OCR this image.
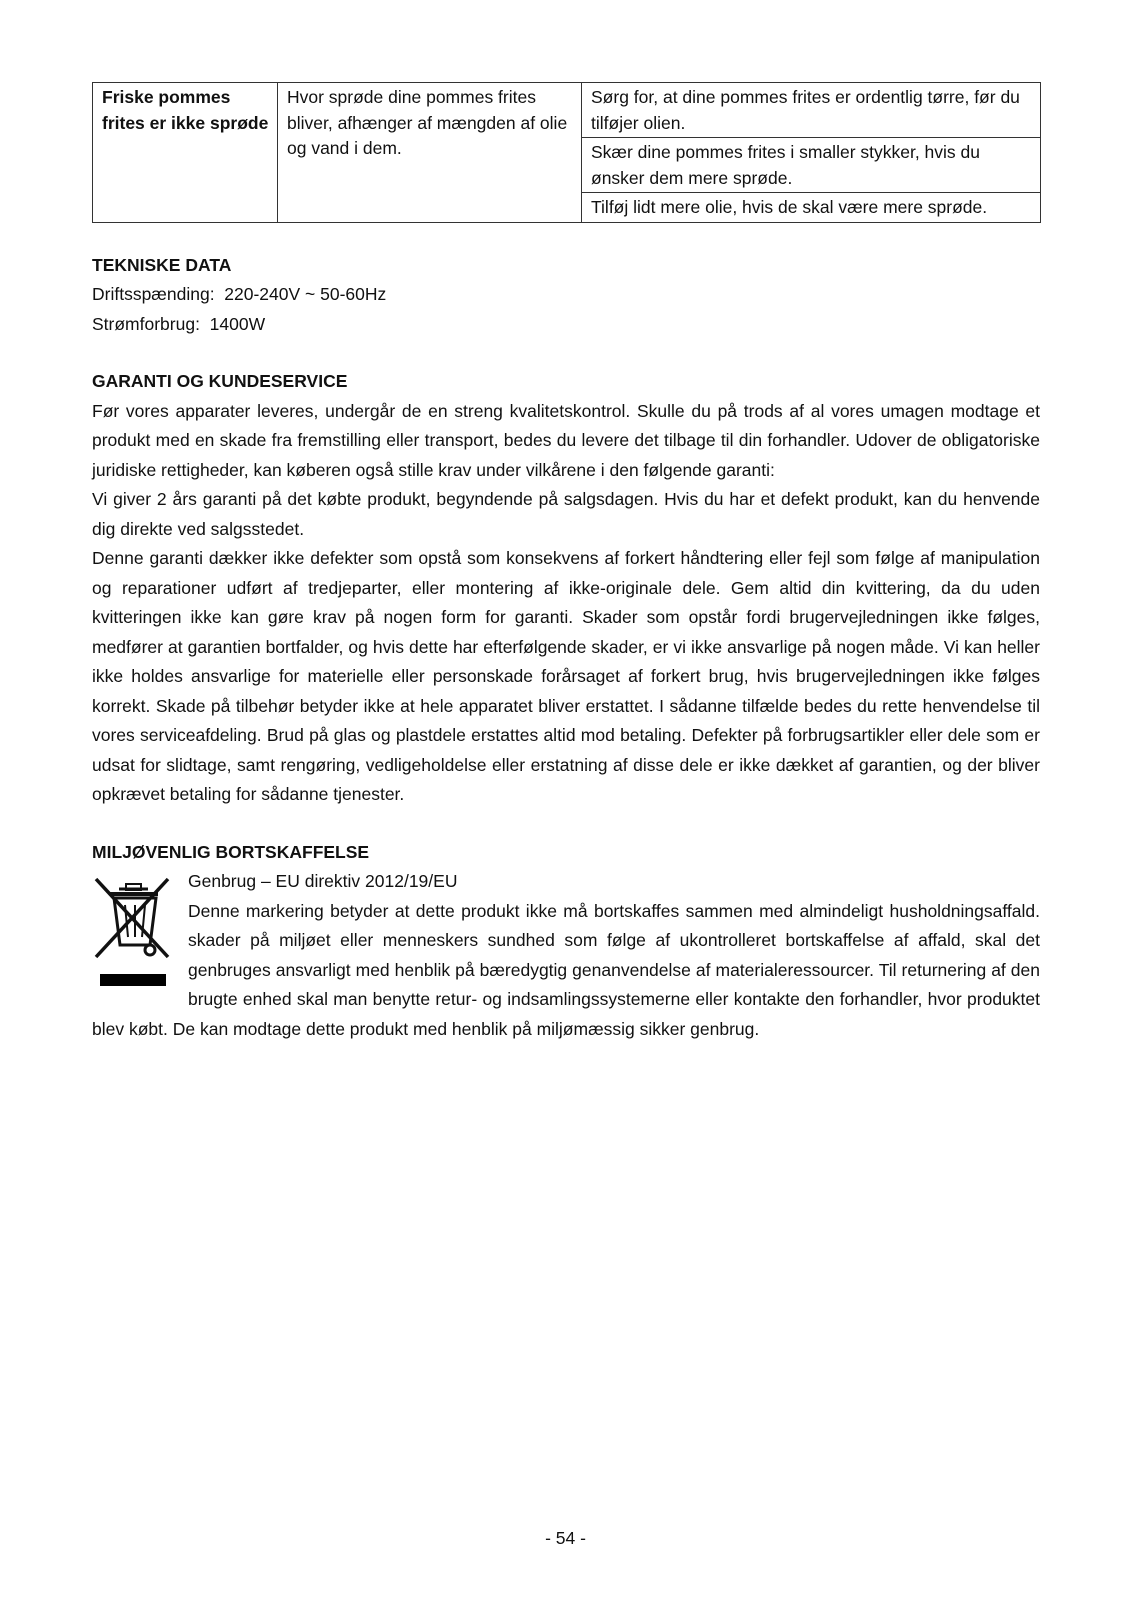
Friske pommes frites er ikke sprøde	Hvor sprøde dine pommes frites bliver, afhænger af mængden af olie og vand i dem.	Sørg for, at dine pommes frites er ordentlig tørre, før du tilføjer olien.
Skær dine pommes frites i smaller stykker, hvis du ønsker dem mere sprøde.
Tilføj lidt mere olie, hvis de skal være mere sprøde.
TEKNISKE DATA
Driftsspænding:  220-240V ~ 50-60Hz
Strømforbrug:  1400W
GARANTI OG KUNDESERVICE
Før vores apparater leveres, undergår de en streng kvalitetskontrol. Skulle du på trods af al vores umagen modtage et produkt med en skade fra fremstilling eller transport, bedes du levere det tilbage til din forhandler. Udover de obligatoriske juridiske rettigheder, kan køberen også stille krav under vilkårene i den følgende garanti:
Vi giver 2 års garanti på det købte produkt, begyndende på salgsdagen. Hvis du har et defekt produkt, kan du henvende dig direkte ved salgsstedet.
Denne garanti dækker ikke defekter som opstå som konsekvens af forkert håndtering eller fejl som følge af manipulation og reparationer udført af tredjeparter, eller montering af ikke-originale dele. Gem altid din kvittering, da du uden kvitteringen ikke kan gøre krav på nogen form for garanti. Skader som opstår fordi brugervejledningen ikke følges, medfører at garantien bortfalder, og hvis dette har efterfølgende skader, er vi ikke ansvarlige på nogen måde. Vi kan heller ikke holdes ansvarlige for materielle eller personskade forårsaget af forkert brug, hvis brugervejledningen ikke følges korrekt. Skade på tilbehør betyder ikke at hele apparatet bliver erstattet. I sådanne tilfælde bedes du rette henvendelse til vores serviceafdeling. Brud på glas og plastdele erstattes altid mod betaling. Defekter på forbrugsartikler eller dele som er udsat for slidtage, samt rengøring, vedligeholdelse eller erstatning af disse dele er ikke dækket af garantien, og der bliver opkrævet betaling for sådanne tjenester.
MILJØVENLIG BORTSKAFFELSE
Genbrug – EU direktiv 2012/19/EU
Denne markering betyder at dette produkt ikke må bortskaffes sammen med almindeligt husholdningsaffald. skader på miljøet eller menneskers sundhed som følge af ukontrolleret bortskaffelse af affald, skal det genbruges ansvarligt med henblik på bæredygtig genanvendelse af materialeressourcer. Til returnering af den brugte enhed skal man benytte retur- og indsamlingssystemerne eller kontakte den forhandler, hvor produktet blev købt. De kan modtage dette produkt med henblik på miljømæssig sikker genbrug.
- 54 -
